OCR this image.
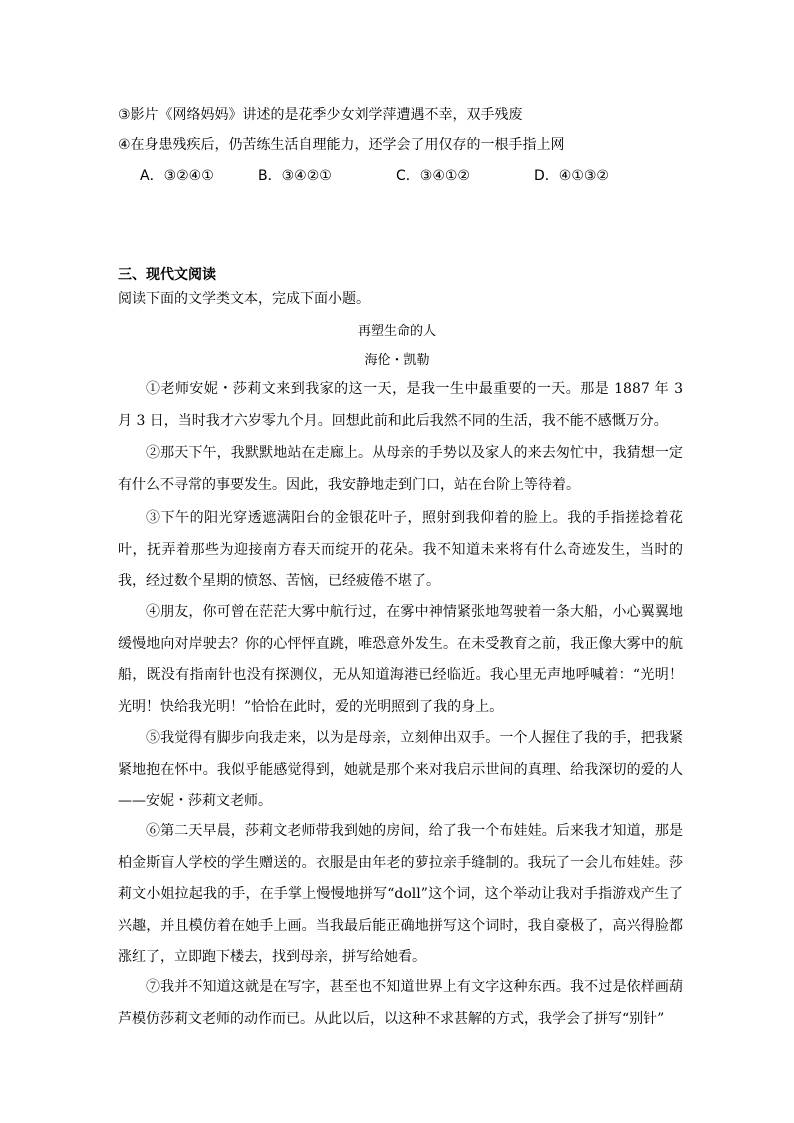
③影片《网络妈妈》讲述的是花季少女刘学萍遭遇不幸，双手残废
④在身患残疾后，仍苦练生活自理能力，还学会了用仅存的一根手指上网
A．③②④①	B．③④②①	C．③④①②	D．④①③②
三、现代文阅读
阅读下面的文学类文本，完成下面小题。
再塑生命的人
海伦・凯勒
①老师安妮・莎莉文来到我家的这一天，是我一生中最重要的一天。那是 1887 年 3 月 3 日，当时我才六岁零九个月。回想此前和此后我然不同的生活，我不能不感慨万分。
②那天下午，我默默地站在走廊上。从母亲的手势以及家人的来去匆忙中，我猜想一定有什么不寻常的事要发生。因此，我安静地走到门口，站在台阶上等待着。
③下午的阳光穿透遮满阳台的金银花叶子，照射到我仰着的脸上。我的手指搓捻着花叶，抚弄着那些为迎接南方春天而绽开的花朵。我不知道未来将有什么奇迹发生，当时的我，经过数个星期的愤怒、苦恼，已经疲倦不堪了。
④朋友，你可曾在茫茫大雾中航行过，在雾中神情紧张地驾驶着一条大船，小心翼翼地缓慢地向对岸驶去？你的心怦怦直跳，唯恐意外发生。在未受教育之前，我正像大雾中的航船，既没有指南针也没有探测仪，无从知道海港已经临近。我心里无声地呼喊着：“光明！光明！快给我光明！”恰恰在此时，爱的光明照到了我的身上。
⑤我觉得有脚步向我走来，以为是母亲，立刻伸出双手。一个人握住了我的手，把我紧紧地抱在怀中。我似乎能感觉得到，她就是那个来对我启示世间的真理、给我深切的爱的人——安妮・莎莉文老师。
⑥第二天早晨，莎莉文老师带我到她的房间，给了我一个布娃娃。后来我才知道，那是柏金斯盲人学校的学生赠送的。衣服是由年老的萝拉亲手缝制的。我玩了一会儿布娃娃。莎莉文小姐拉起我的手，在手掌上慢慢地拼写“doll”这个词，这个举动让我对手指游戏产生了兴趣，并且模仿着在她手上画。当我最后能正确地拼写这个词时，我自豪极了，高兴得脸都涨红了，立即跑下楼去，找到母亲，拼写给她看。
⑦我并不知道这就是在写字，甚至也不知道世界上有文字这种东西。我不过是依样画葫芦模仿莎莉文老师的动作而已。从此以后，以这种不求甚解的方式，我学会了拼写“别针”
